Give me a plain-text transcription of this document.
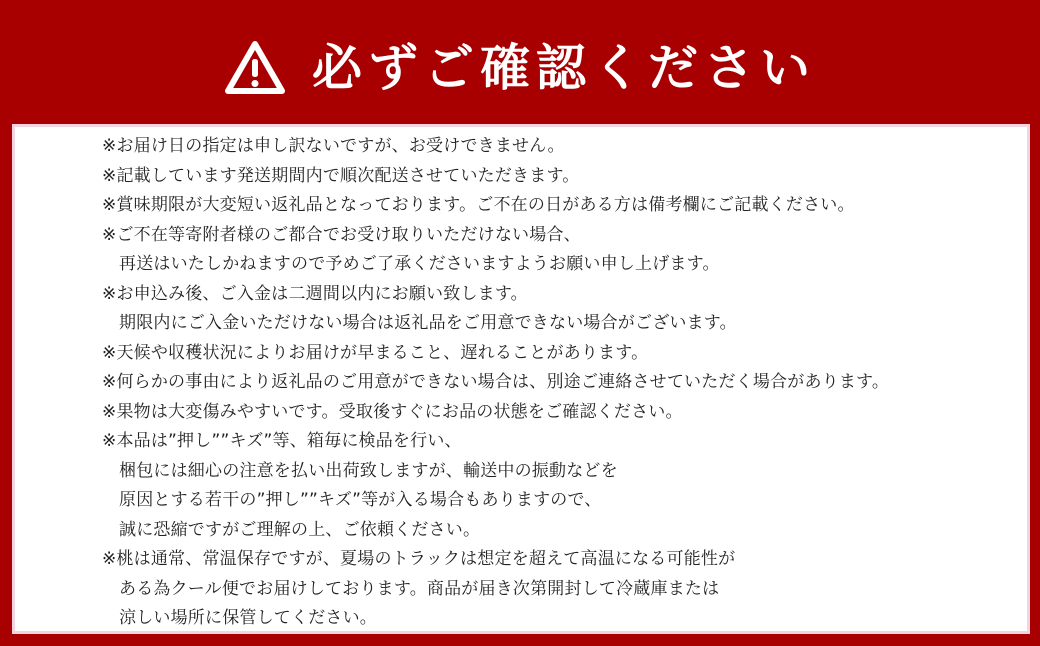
必ずご確認ください
※お届け日の指定は申し訳ないですが、お受けできません。
※記載しています発送期間内で順次配送させていただきます。
※賞味期限が大変短い返礼品となっております。ご不在の日がある方は備考欄にご記載ください。
※ご不在等寄附者様のご都合でお受け取りいただけない場合、
再送はいたしかねますので予めご了承くださいますようお願い申し上げます。
※お申込み後、ご入金は二週間以内にお願い致します。
期限内にご入金いただけない場合は返礼品をご用意できない場合がございます。
※天候や収穫状況によりお届けが早まること、遅れることがあります。
※何らかの事由により返礼品のご用意ができない場合は、別途ご連絡させていただく場合があります。
※果物は大変傷みやすいです。受取後すぐにお品の状態をご確認ください。
※本品は”押し””キズ”等、箱毎に検品を行い、
梱包には細心の注意を払い出荷致しますが、輸送中の振動などを
原因とする若干の”押し””キズ”等が入る場合もありますので、
誠に恐縮ですがご理解の上、ご依頼ください。
※桃は通常、常温保存ですが、夏場のトラックは想定を超えて高温になる可能性が
ある為クール便でお届けしております。商品が届き次第開封して冷蔵庫または
涼しい場所に保管してください。
